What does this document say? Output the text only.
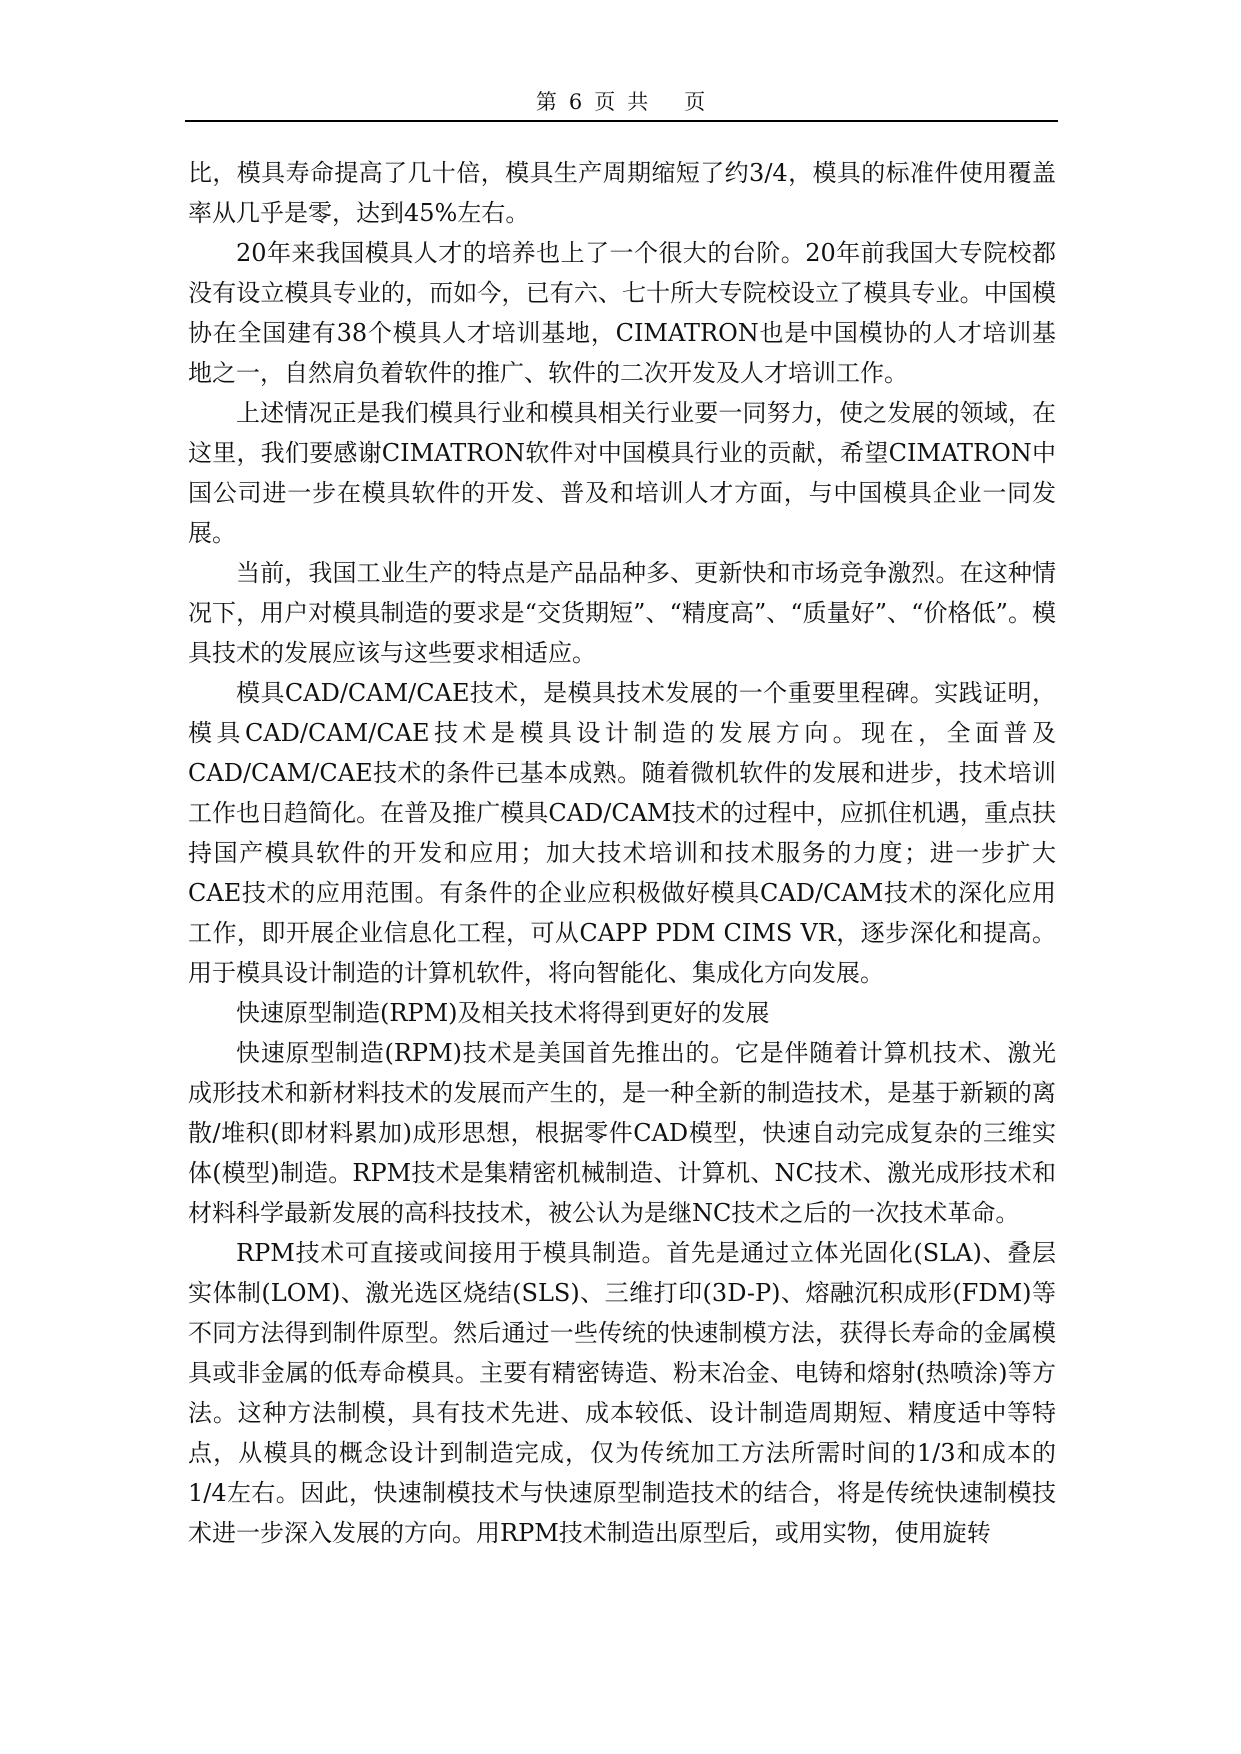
第 6 页 共 页

比，模具寿命提高了几十倍，模具生产周期缩短了约3/4，模具的标准件使用覆盖率从几乎是零，达到45%左右。

20年来我国模具人才的培养也上了一个很大的台阶。20年前我国大专院校都没有设立模具专业的，而如今，已有六、七十所大专院校设立了模具专业。中国模协在全国建有38个模具人才培训基地，CIMATRON也是中国模协的人才培训基地之一，自然肩负着软件的推广、软件的二次开发及人才培训工作。

上述情况正是我们模具行业和模具相关行业要一同努力，使之发展的领域，在这里，我们要感谢CIMATRON软件对中国模具行业的贡献，希望CIMATRON中国公司进一步在模具软件的开发、普及和培训人才方面，与中国模具企业一同发展。

当前，我国工业生产的特点是产品品种多、更新快和市场竞争激烈。在这种情况下，用户对模具制造的要求是“交货期短”、“精度高”、“质量好”、“价格低”。模具技术的发展应该与这些要求相适应。

模具CAD/CAM/CAE技术，是模具技术发展的一个重要里程碑。实践证明，模具CAD/CAM/CAE技术是模具设计制造的发展方向。现在，全面普及CAD/CAM/CAE技术的条件已基本成熟。随着微机软件的发展和进步，技术培训工作也日趋简化。在普及推广模具CAD/CAM技术的过程中，应抓住机遇，重点扶持国产模具软件的开发和应用；加大技术培训和技术服务的力度；进一步扩大CAE技术的应用范围。有条件的企业应积极做好模具CAD/CAM技术的深化应用工作，即开展企业信息化工程，可从CAPP PDM CIMS VR，逐步深化和提高。用于模具设计制造的计算机软件，将向智能化、集成化方向发展。

快速原型制造(RPM)及相关技术将得到更好的发展

快速原型制造(RPM)技术是美国首先推出的。它是伴随着计算机技术、激光成形技术和新材料技术的发展而产生的，是一种全新的制造技术，是基于新颖的离散/堆积(即材料累加)成形思想，根据零件CAD模型，快速自动完成复杂的三维实体(模型)制造。RPM技术是集精密机械制造、计算机、NC技术、激光成形技术和材料科学最新发展的高科技技术，被公认为是继NC技术之后的一次技术革命。

RPM技术可直接或间接用于模具制造。首先是通过立体光固化(SLA)、叠层实体制(LOM)、激光选区烧结(SLS)、三维打印(3D-P)、熔融沉积成形(FDM)等不同方法得到制件原型。然后通过一些传统的快速制模方法，获得长寿命的金属模具或非金属的低寿命模具。主要有精密铸造、粉末冶金、电铸和熔射(热喷涂)等方法。这种方法制模，具有技术先进、成本较低、设计制造周期短、精度适中等特点，从模具的概念设计到制造完成，仅为传统加工方法所需时间的1/3和成本的1/4左右。因此，快速制模技术与快速原型制造技术的结合，将是传统快速制模技术进一步深入发展的方向。用RPM技术制造出原型后，或用实物，使用旋转
